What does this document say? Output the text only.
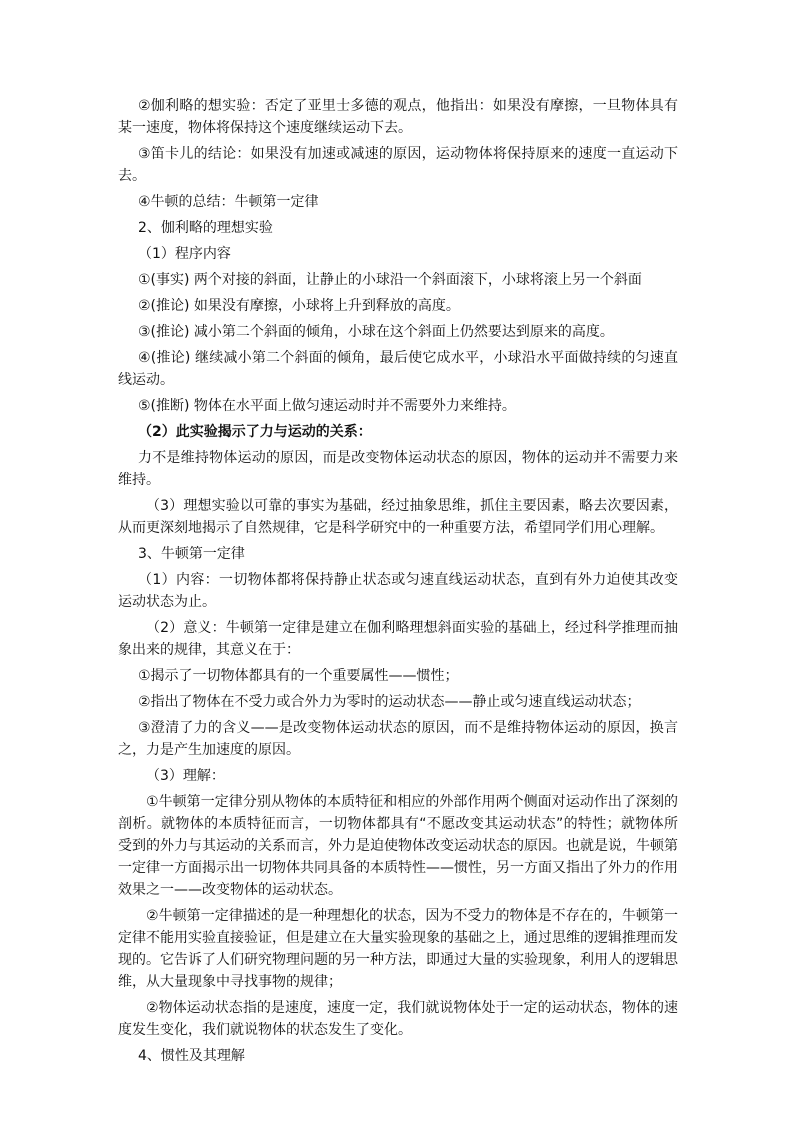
②伽利略的想实验：否定了亚里士多德的观点，他指出：如果没有摩擦，一旦物体具有某一速度，物体将保持这个速度继续运动下去。

③笛卡儿的结论：如果没有加速或减速的原因，运动物体将保持原来的速度一直运动下去。

④牛顿的总结：牛顿第一定律

2、伽利略的理想实验

（1）程序内容

①(事实) 两个对接的斜面，让静止的小球沿一个斜面滚下，小球将滚上另一个斜面

②(推论) 如果没有摩擦，小球将上升到释放的高度。

③(推论) 减小第二个斜面的倾角，小球在这个斜面上仍然要达到原来的高度。

④(推论) 继续减小第二个斜面的倾角，最后使它成水平，小球沿水平面做持续的匀速直线运动。

⑤(推断) 物体在水平面上做匀速运动时并不需要外力来维持。

（2）此实验揭示了力与运动的关系：

力不是维持物体运动的原因，而是改变物体运动状态的原因，物体的运动并不需要力来维持。

（3）理想实验以可靠的事实为基础，经过抽象思维，抓住主要因素，略去次要因素，从而更深刻地揭示了自然规律，它是科学研究中的一种重要方法，希望同学们用心理解。

3、牛顿第一定律

（1）内容：一切物体都将保持静止状态或匀速直线运动状态，直到有外力迫使其改变运动状态为止。

（2）意义：牛顿第一定律是建立在伽利略理想斜面实验的基础上，经过科学推理而抽象出来的规律，其意义在于：

①揭示了一切物体都具有的一个重要属性——惯性；

②指出了物体在不受力或合外力为零时的运动状态——静止或匀速直线运动状态；

③澄清了力的含义——是改变物体运动状态的原因，而不是维持物体运动的原因，换言之，力是产生加速度的原因。

（3）理解：

①牛顿第一定律分别从物体的本质特征和相应的外部作用两个侧面对运动作出了深刻的剖析。就物体的本质特征而言，一切物体都具有“不愿改变其运动状态”的特性；就物体所受到的外力与其运动的关系而言，外力是迫使物体改变运动状态的原因。也就是说，牛顿第一定律一方面揭示出一切物体共同具备的本质特性——惯性，另一方面又指出了外力的作用效果之一——改变物体的运动状态。

②牛顿第一定律描述的是一种理想化的状态，因为不受力的物体是不存在的，牛顿第一定律不能用实验直接验证，但是建立在大量实验现象的基础之上，通过思维的逻辑推理而发现的。它告诉了人们研究物理问题的另一种方法，即通过大量的实验现象，利用人的逻辑思维，从大量现象中寻找事物的规律；

②物体运动状态指的是速度，速度一定，我们就说物体处于一定的运动状态，物体的速度发生变化，我们就说物体的状态发生了变化。

4、惯性及其理解
